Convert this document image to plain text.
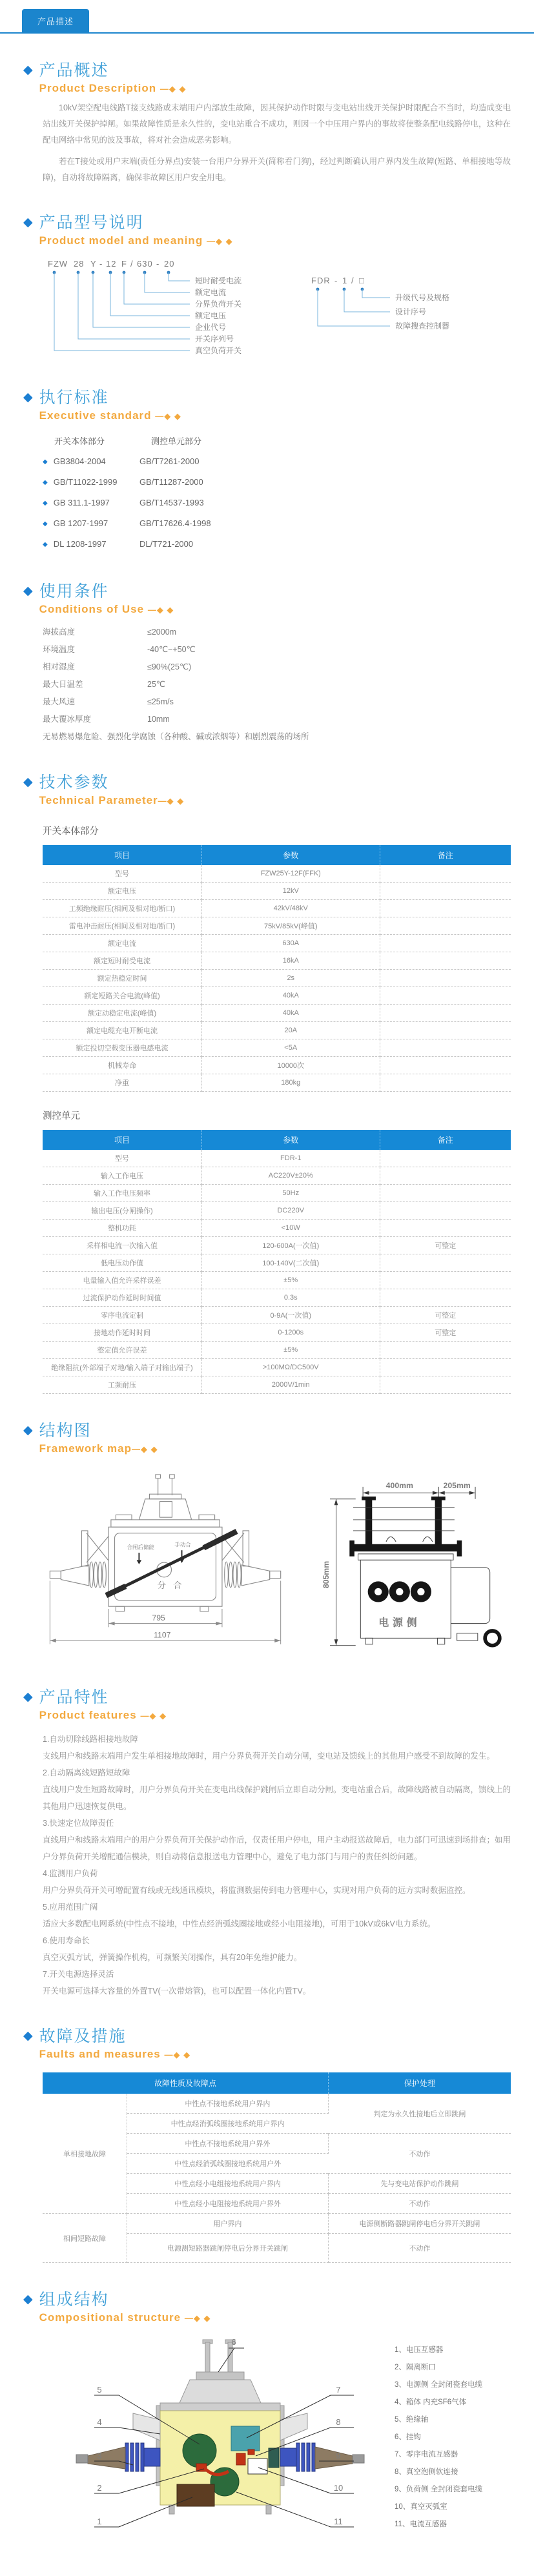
产品描述
◆
产品概述
Product Description —◆ ◆

10kV架空配电线路T接支线路或末端用户内部放生故障，因其保护动作时限与变电站出线开关保护时限配合不当时，均造成变电站出线开关保护掉闸。如果故障性质是永久性的，变电站重合不成功，则因一个中压用户界内的事故将使整条配电线路停电，这种在配电网络中常见的波及事故，将对社会造成恶劣影响。

若在T接处或用户末端(责任分界点)安装一台用户分界开关(简称看门狗)，经过判断确认用户界内发生故障(短路、单相接地等故障)，自动将故障隔离，确保非故障区用户安全用电。

◆
产品型号说明
Product model and meaning —◆ ◆
FZW 28 Y - 12 F / 630 - 20
短时耐受电流
额定电流
分界负荷开关
额定电压
企业代号
开关序列号
真空负荷开关
FDR - 1 / □
升级代号及规格
设计序号
故障搜查控制器
◆
执行标准
Executive standard —◆ ◆
开关本体部分	测控单元部分
◆ GB3804-2004	GB/T7261-2000
◆ GB/T11022-1999	GB/T11287-2000
◆ GB 311.1-1997	GB/T14537-1993
◆ GB 1207-1997	GB/T17626.4-1998
◆ DL 1208-1997	DL/T721-2000
◆
使用条件
Conditions of Use —◆ ◆
海拔高度	≤2000m
环境温度	-40℃~+50℃
相对湿度	≤90%(25℃)
最大日温差	25℃
最大风速	≤25m/s
最大覆冰厚度	10mm
无易燃易爆危险、强烈化学腐蚀（各种酸、碱或浓烟等）和剧烈震荡的场所
◆
技术参数
Technical Parameter—◆ ◆
开关本体部分
项目	参数	备注
型号	FZW25Y-12F(FFK)	
额定电压	12kV	
工频绝缘耐压(相间及相对地/断口)	42kV/48kV	
雷电冲击耐压(相间及相对地/断口)	75kV/85kV(峰值)	
额定电流	630A	
额定短时耐受电流	16kA	
额定热稳定时间	2s	
额定短路关合电流(峰值)	40kA	
额定动稳定电流(峰值)	40kA	
额定电缆充电开断电流	20A	
额定投切空载变压器电感电流	<5A	
机械寿命	10000次	
净重	180kg	
测控单元
项目	参数	备注
型号	FDR-1	
输入工作电压	AC220V±20%	
输入工作电压频率	50Hz	
输出电压(分闸操作)	DC220V	
整机功耗	<10W	
采样相电流一次输入值	120-600A(一次值)	可整定
低电压动作值	100-140V(二次值)	
电量输入值允许采样误差	±5%	
过流保护动作延时时间值	0.3s	
零序电流定制	0-9A(一次值)	可整定
接地动作延时时间	0-1200s	可整定
整定值允许误差	±5%	
绝缘阻抗(外部端子对地/输入端子对输出端子)	>100MΩ/DC500V	
工频耐压	2000V/1min	
◆
结构图
Framework map—◆ ◆
合闸后储能	手动合
分 合
795
1107
400mm	205mm
805mm
电源侧
◆
产品特性
Product features —◆ ◆
1.自动切除线路相接地故障
支线用户和线路末端用户发生单相接地故障时，用户分界负荷开关自动分闸，变电站及馈线上的其他用户感受不到故障的发生。
2.自动隔离线短路短故障
直线用户发生短路故障时，用户分界负荷开关在变电出线保护跳闸后立即自动分闸。变电站重合后，故障线路被自动隔离，馈线上的其他用户迅速恢复供电。
3.快速定位故障责任
直线用户和线路末端用户的用户分界负荷开关保护动作后，仅责任用户停电，用户主动报送故障后，电力部门可迅速到场排查；如用户分界负荷开关增配通信模块，则自动将信息报送电力管理中心，避免了电力部门与用户的责任纠纷问题。
4.监测用户负荷
用户分界负荷开关可增配置有线或无线通讯模块，将监测数据传到电力管理中心，实现对用户负荷的远方实时数据监控。
5.应用范围广阔
适应大多数配电网系统(中性点不接地，中性点经消弧线圈接地或经小电阻接地)，可用于10kV或6kV电力系统。
6.使用寿命长
真空灭弧方试，弹簧操作机构，可频繁关闭操作，具有20年免维护能力。
7.开关电源选择灵活
开关电源可选择大容量的外置TV(一次带熔管)，也可以配置一体化内置TV。
◆
故障及措施
Faults and measures —◆ ◆
故障性质及故障点		保护处理
单相接地故障	中性点不接地系统用户界内	判定为永久性接地后立即跳闸
	中性点经消弧线圈接地系统用户界内	
	中性点不接地系统用户界外	不动作
	中性点经消弧线圈接地系统用户外	
	中性点经小电组接地系统用户界内	先与变电站保护动作跳闸
	中性点经小电阻接地系统用户界外	不动作
相间短路故障	用户界内	电源侧断路器跳闸停电后分界开关跳闸
	电源测短路器跳闸停电后分界开关跳闸	不动作
◆
组成结构
Compositional structure —◆ ◆
6
5
4
3
2
1
7
8
9
10
11
1、电压互感器
2、隔离断口
3、电源侧 全封闭瓷套电缆
4、箱体 内充SF6气体
5、绝缘轴
6、挂钩
7、零序电流互感器
8、真空泡侧软连接
9、负荷侧 全封闭瓷套电缆
10、真空灭弧室
11、电流互感器
